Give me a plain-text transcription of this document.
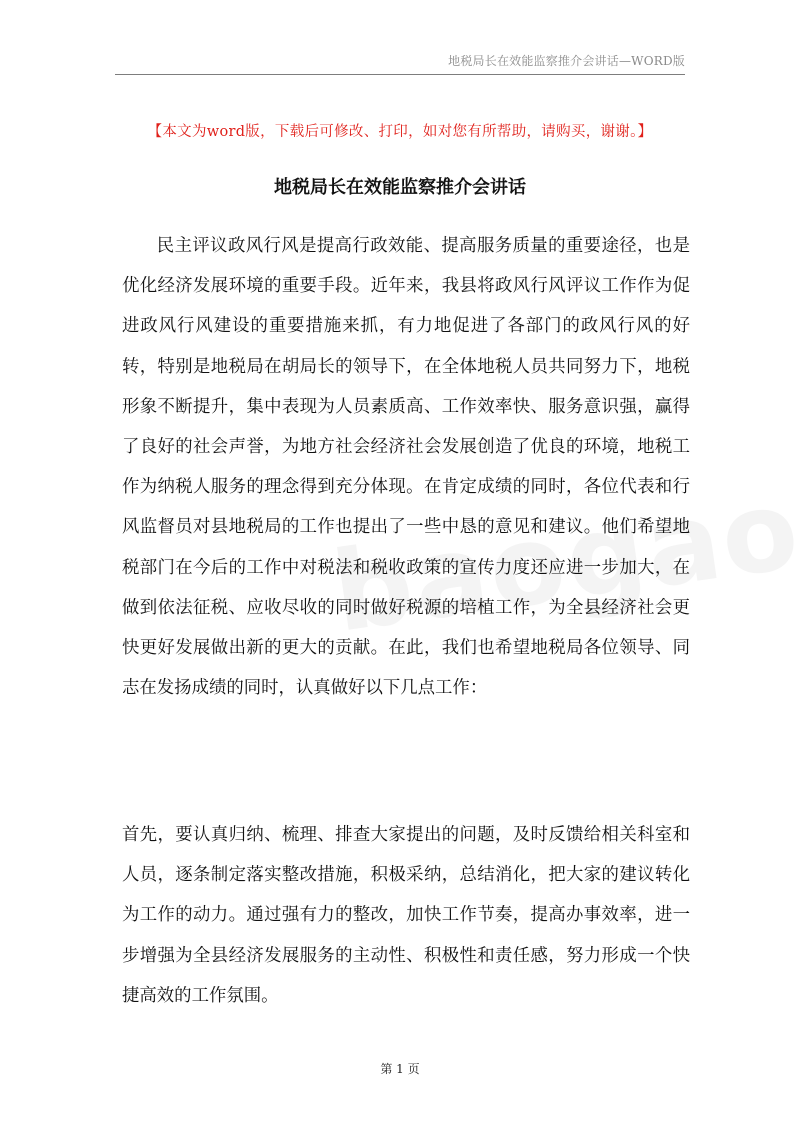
地税局长在效能监察推介会讲话—WORD版
【本文为word版，下载后可修改、打印，如对您有所帮助，请购买，谢谢。】
地税局长在效能监察推介会讲话

民主评议政风行风是提高行政效能、提高服务质量的重要途径，也是优化经济发展环境的重要手段。近年来，我县将政风行风评议工作作为促进政风行风建设的重要措施来抓，有力地促进了各部门的政风行风的好转，特别是地税局在胡局长的领导下，在全体地税人员共同努力下，地税形象不断提升，集中表现为人员素质高、工作效率快、服务意识强，赢得了良好的社会声誉，为地方社会经济社会发展创造了优良的环境，地税工作为纳税人服务的理念得到充分体现。在肯定成绩的同时，各位代表和行风监督员对县地税局的工作也提出了一些中恳的意见和建议。他们希望地税部门在今后的工作中对税法和税收政策的宣传力度还应进一步加大，在做到依法征税、应收尽收的同时做好税源的培植工作，为全县经济社会更快更好发展做出新的更大的贡献。在此，我们也希望地税局各位领导、同志在发扬成绩的同时，认真做好以下几点工作：

首先，要认真归纳、梳理、排查大家提出的问题，及时反馈给相关科室和人员，逐条制定落实整改措施，积极采纳，总结消化，把大家的建议转化为工作的动力。通过强有力的整改，加快工作节奏，提高办事效率，进一步增强为全县经济发展服务的主动性、积极性和责任感，努力形成一个快捷高效的工作氛围。

第 1 页
